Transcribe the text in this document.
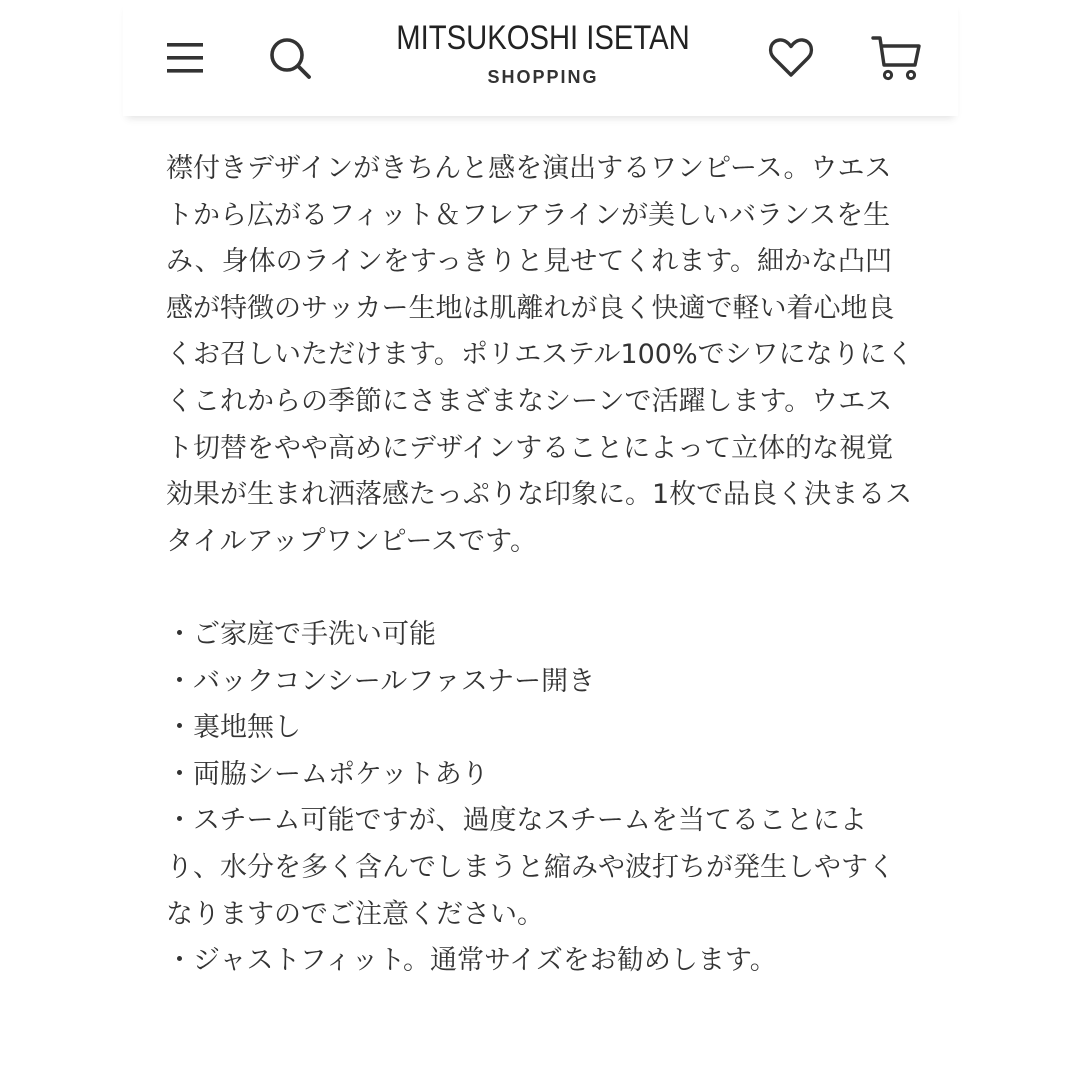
MITSUKOSHI ISETAN
SHOPPING

襟付きデザインがきちんと感を演出するワンピース。ウエストから広がるフィット＆フレアラインが美しいバランスを生み、身体のラインをすっきりと見せてくれます。細かな凸凹感が特徴のサッカー生地は肌離れが良く快適で軽い着心地良くお召しいただけます。ポリエステル100%でシワになりにくくこれからの季節にさまざまなシーンで活躍します。ウエスト切替をやや高めにデザインすることによって立体的な視覚効果が生まれ洒落感たっぷりな印象に。1枚で品良く決まるスタイルアップワンピースです。

・ご家庭で手洗い可能
・バックコンシールファスナー開き
・裏地無し
・両脇シームポケットあり
・スチーム可能ですが、過度なスチームを当てることにより、水分を多く含んでしまうと縮みや波打ちが発生しやすくなりますのでご注意ください。
・ジャストフィット。通常サイズをお勧めします。
